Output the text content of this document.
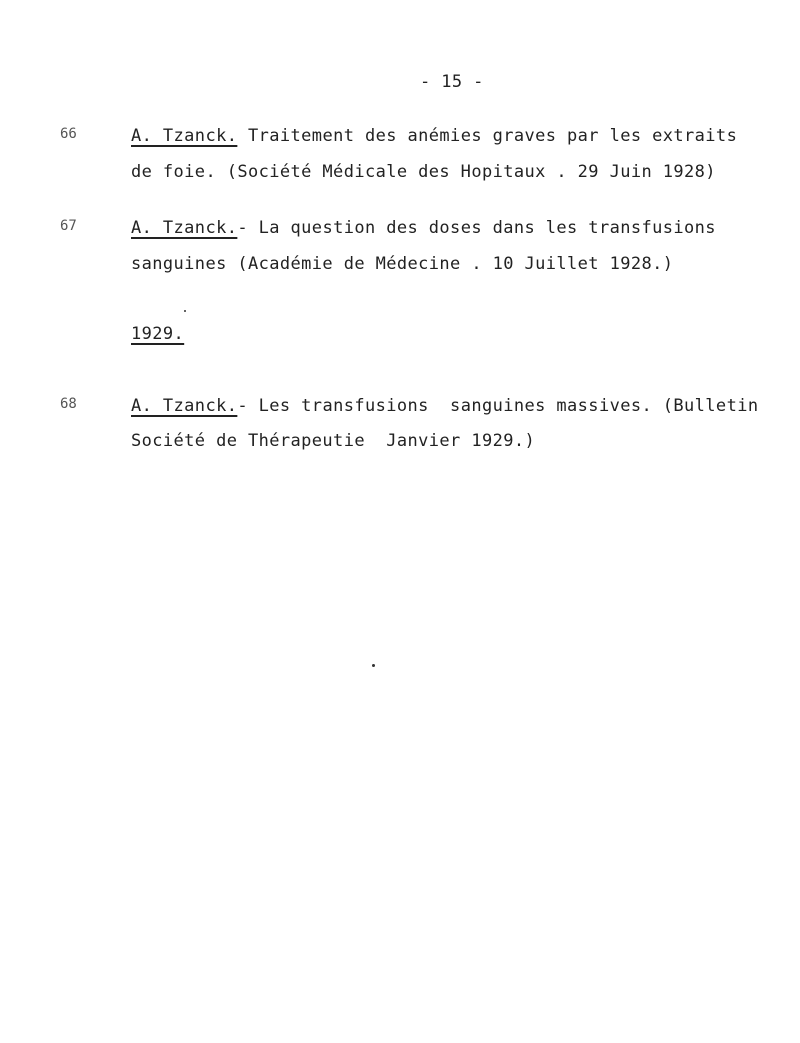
- 15 -
66	A. Tzanck. Traitement des anémies graves par les extraits
de foie. (Société Médicale des Hopitaux . 29 Juin 1928)
67	A. Tzanck.- La question des doses dans les transfusions
sanguines (Académie de Médecine . 10 Juillet 1928.)
1929.
68	A. Tzanck.- Les transfusions  sanguines massives. (Bulletin
Société de Thérapeutie  Janvier 1929.)
